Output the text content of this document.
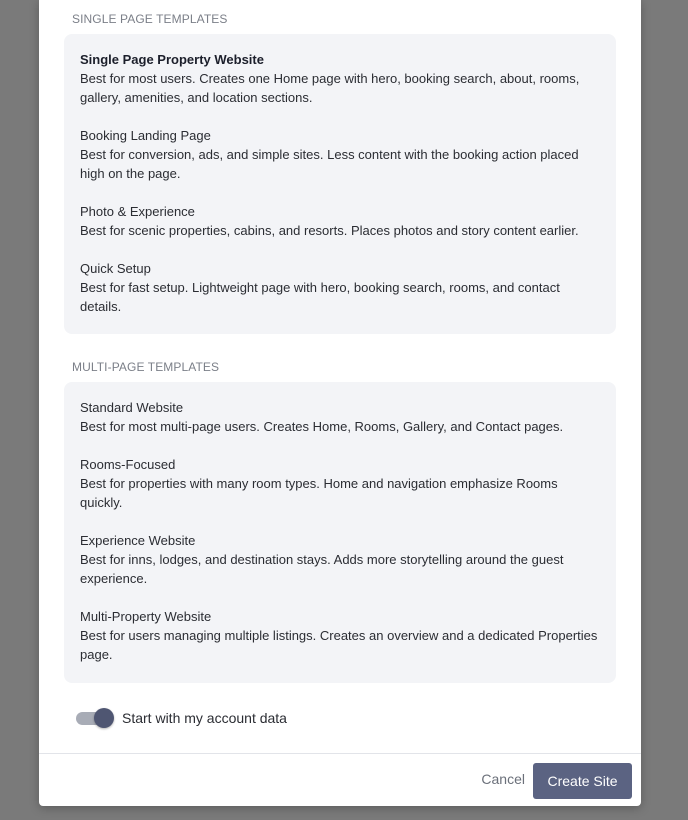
SINGLE PAGE TEMPLATES
Single Page Property Website
Best for most users. Creates one Home page with hero, booking search, about, rooms, gallery, amenities, and location sections.
Booking Landing Page
Best for conversion, ads, and simple sites. Less content with the booking action placed high on the page.
Photo & Experience
Best for scenic properties, cabins, and resorts. Places photos and story content earlier.
Quick Setup
Best for fast setup. Lightweight page with hero, booking search, rooms, and contact details.
MULTI-PAGE TEMPLATES
Standard Website
Best for most multi-page users. Creates Home, Rooms, Gallery, and Contact pages.
Rooms-Focused
Best for properties with many room types. Home and navigation emphasize Rooms quickly.
Experience Website
Best for inns, lodges, and destination stays. Adds more storytelling around the guest experience.
Multi-Property Website
Best for users managing multiple listings. Creates an overview and a dedicated Properties page.
Start with my account data
Cancel	Create Site
